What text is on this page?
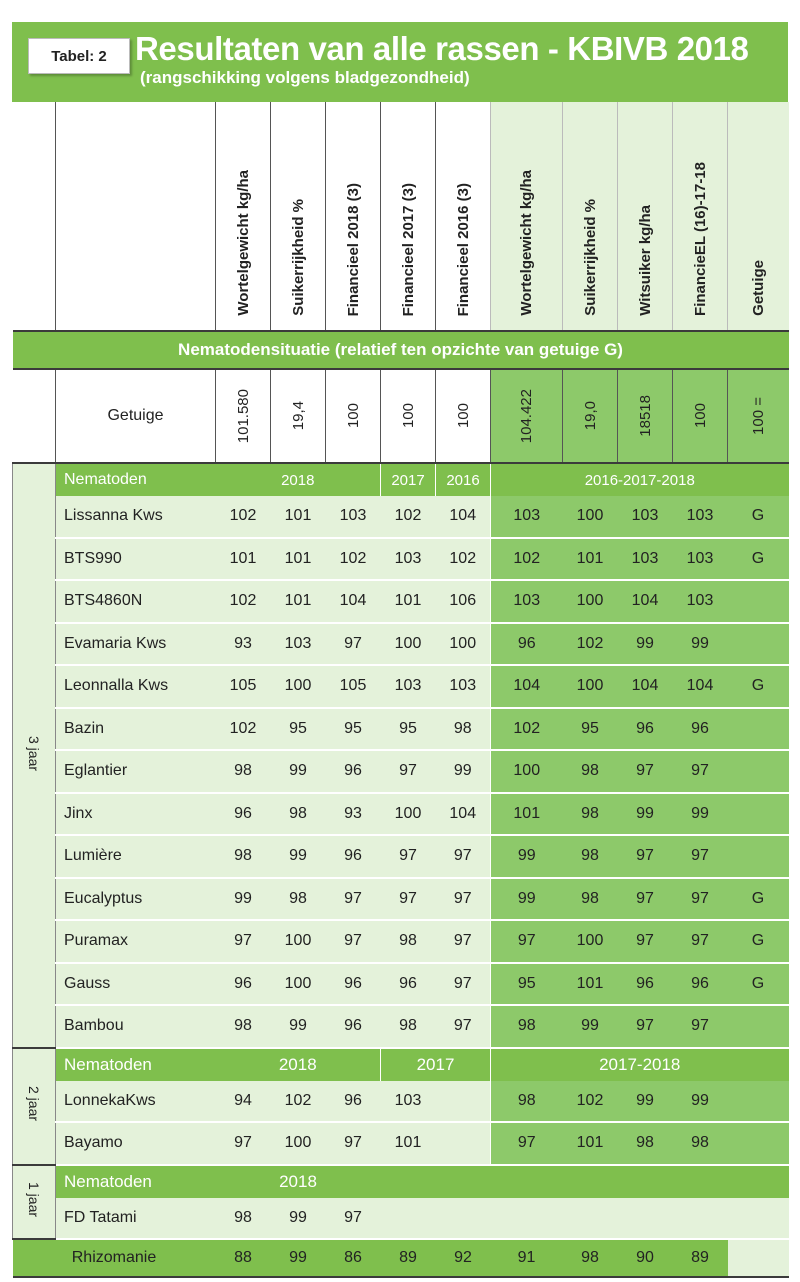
Tabel: 2 Resultaten van alle rassen - KBIVB 2018
(rangschikking volgens bladgezondheid)

		Wortelgewicht kg/ha	Suikerrijkheid %	Financieel 2018 (3)	Financieel 2017 (3)	Financieel 2016 (3)	Wortelgewicht kg/ha	Suikerrijkheid %	Witsuiker kg/ha	FinancieEL (16)-17-18	Getuige

Nematodensituatie (relatief ten opzichte van getuige G)											
	Getuige	101.580	19,4	100	100	100	104.422	19,0	18518	100	100 =

3 jaar	Nematoden	2018			2017	2016	2016-2017-2018				
	Lissanna Kws	102	101	103	102	104	103	100	103	103	G
	BTS990	101	101	102	103	102	102	101	103	103	G
	BTS4860N	102	101	104	101	106	103	100	104	103	
	Evamaria Kws	93	103	97	100	100	96	102	99	99	
	Leonnalla Kws	105	100	105	103	103	104	100	104	104	G
	Bazin	102	95	95	95	98	102	95	96	96	
	Eglantier	98	99	96	97	99	100	98	97	97	
	Jinx	96	98	93	100	104	101	98	99	99	
	Lumière	98	99	96	97	97	99	98	97	97	
	Eucalyptus	99	98	97	97	97	99	98	97	97	G
	Puramax	97	100	97	98	97	97	100	97	97	G
	Gauss	96	100	96	96	97	95	101	96	96	G
	Bambou	98	99	96	98	97	98	99	97	97	
2 jaar	Nematoden	2018			2017		2017-2018				
	LonnekaKws	94	102	96	103		98	102	99	99	
	Bayamo	97	100	97	101		97	101	98	98	
1 jaar	Nematoden	2018									
	FD Tatami	98	99	97							
Rhizomanie		88	99	86	89	92	91	98	90	89	
